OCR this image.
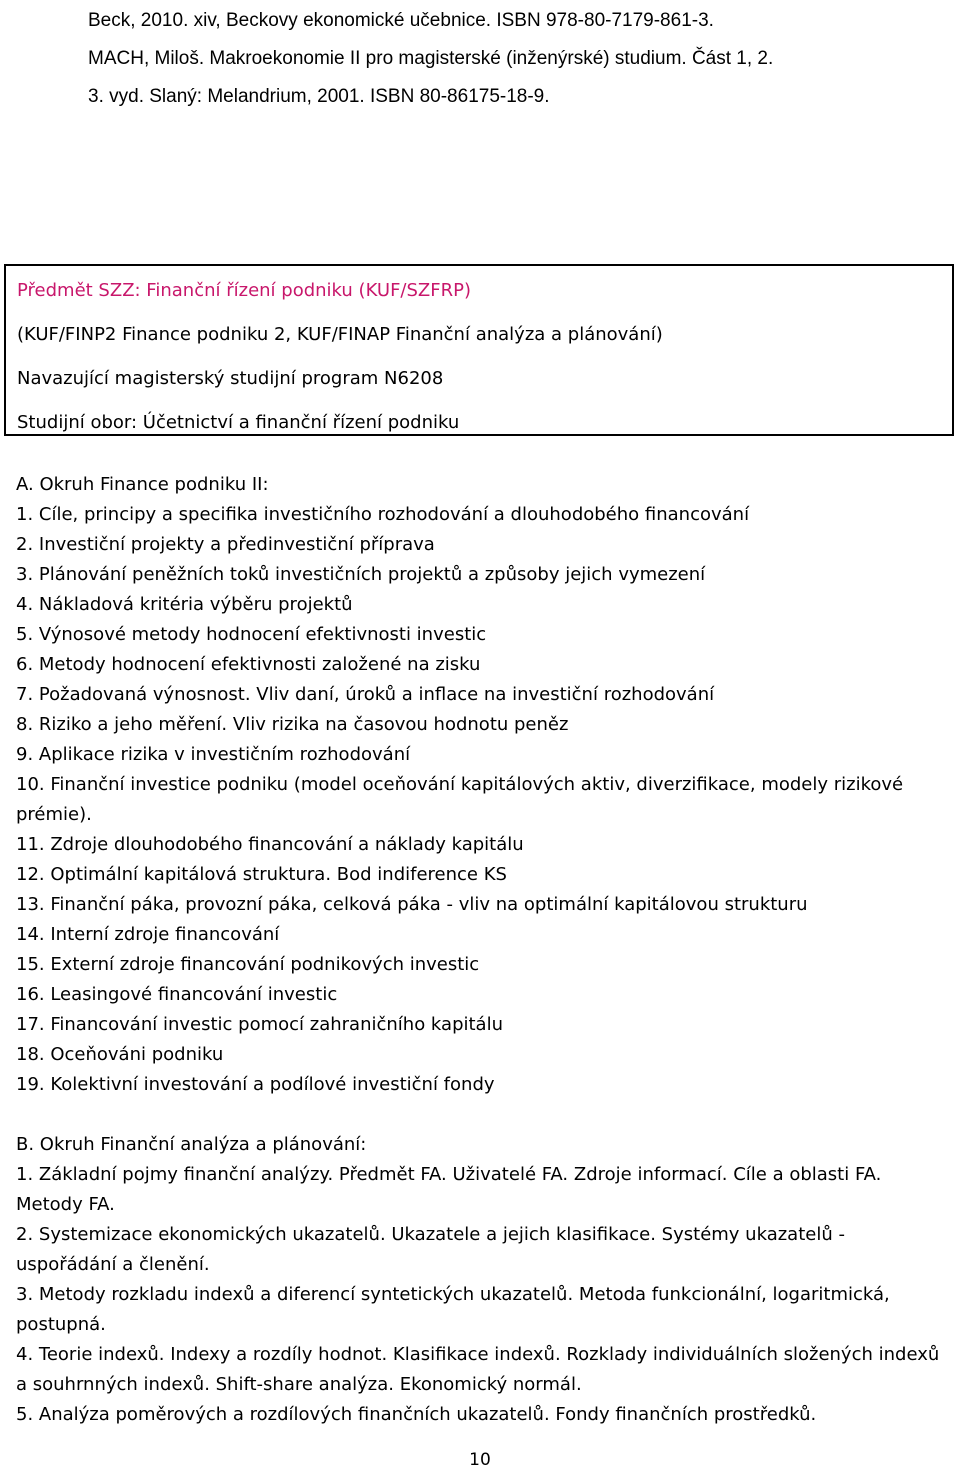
Beck, 2010. xiv, Beckovy ekonomické učebnice. ISBN 978-80-7179-861-3.
MACH, Miloš. Makroekonomie II pro magisterské (inženýrské) studium. Část 1, 2.
3. vyd. Slaný: Melandrium, 2001. ISBN 80-86175-18-9.
Předmět SZZ: Finanční řízení podniku (KUF/SZFRP)
(KUF/FINP2 Finance podniku 2, KUF/FINAP Finanční analýza a plánování)
Navazující magisterský studijní program N6208
Studijní obor: Účetnictví a finanční řízení podniku
A. Okruh Finance podniku II:
1. Cíle, principy a specifika investičního rozhodování a dlouhodobého financování
2. Investiční projekty a předinvestiční příprava
3. Plánování peněžních toků investičních projektů a způsoby jejich vymezení
4. Nákladová kritéria výběru projektů
5. Výnosové metody hodnocení efektivnosti investic
6. Metody hodnocení efektivnosti založené na zisku
7. Požadovaná výnosnost. Vliv daní, úroků a inflace na investiční rozhodování
8. Riziko a jeho měření. Vliv rizika na časovou hodnotu peněz
9. Aplikace rizika v investičním rozhodování
10. Finanční investice podniku (model oceňování kapitálových aktiv, diverzifikace, modely rizikové prémie).
11. Zdroje dlouhodobého financování a náklady kapitálu
12. Optimální kapitálová struktura. Bod indiference KS
13. Finanční páka, provozní páka, celková páka - vliv na optimální kapitálovou strukturu
14. Interní zdroje financování
15. Externí zdroje financování podnikových investic
16. Leasingové financování investic
17. Financování investic pomocí zahraničního kapitálu
18. Oceňováni podniku
19. Kolektivní investování a podílové investiční fondy
B. Okruh Finanční analýza a plánování:
1. Základní pojmy finanční analýzy. Předmět FA. Uživatelé FA. Zdroje informací. Cíle a oblasti FA. Metody FA.
2. Systemizace ekonomických ukazatelů. Ukazatele a jejich klasifikace. Systémy ukazatelů - uspořádání a členění.
3. Metody rozkladu indexů a diferencí syntetických ukazatelů. Metoda funkcionální, logaritmická, postupná.
4. Teorie indexů. Indexy a rozdíly hodnot. Klasifikace indexů. Rozklady individuálních složených indexů a souhrnných indexů. Shift-share analýza. Ekonomický normál.
5. Analýza poměrových a rozdílových finančních ukazatelů. Fondy finančních prostředků.
10
